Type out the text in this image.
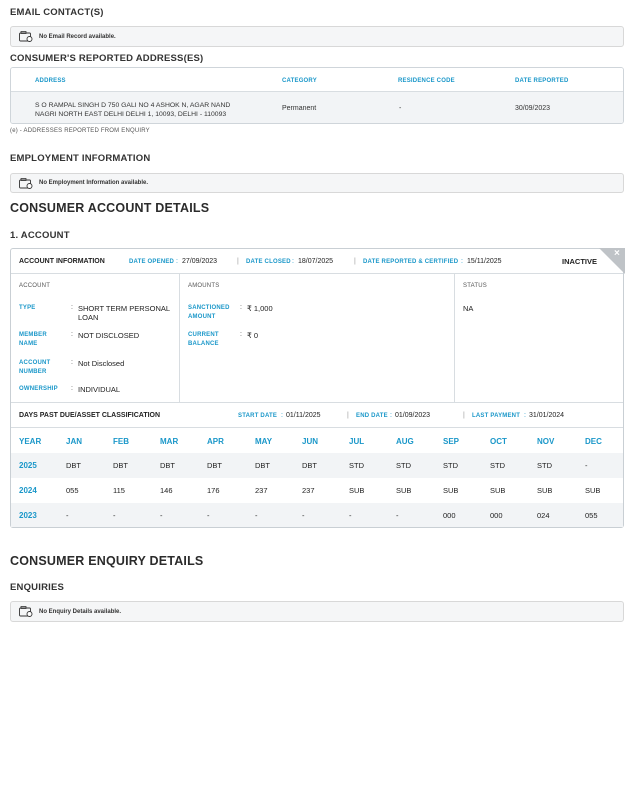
EMAIL CONTACT(S)
No Email Record available.
CONSUMER'S REPORTED ADDRESS(ES)
ADDRESS	CATEGORY	RESIDENCE CODE	DATE REPORTED
S O RAMPAL SINGH D 750 GALI NO 4 ASHOK N, AGAR NAND
NAGRI NORTH EAST DELHI DELHI 1, 10093, DELHI - 110093
Permanent	-	30/09/2023
(e) - ADDRESSES REPORTED FROM ENQUIRY
EMPLOYMENT INFORMATION
No Employment Information available.
CONSUMER ACCOUNT DETAILS
1. ACCOUNT
ACCOUNT INFORMATION	DATE OPENED : 27/09/2023	| DATE CLOSED : 18/07/2025	| DATE REPORTED & CERTIFIED : 15/11/2025	INACTIVE
×
ACCOUNT	AMOUNTS	STATUS
TYPE	: SHORT TERM PERSONAL
LOAN
MEMBER
NAME
: NOT DISCLOSED
ACCOUNT
NUMBER
: Not Disclosed
OWNERSHIP : INDIVIDUAL
SANCTIONED
AMOUNT
: ₹ 1,000
CURRENT
BALANCE
: ₹ 0
NA
DAYS PAST DUE/ASSET CLASSIFICATION	START DATE : 01/11/2025	| END DATE : 01/09/2023	| LAST PAYMENT : 31/01/2024
YEAR	JAN	FEB	MAR	APR	MAY	JUN	JUL	AUG	SEP	OCT	NOV	DEC
2025	DBT	DBT	DBT	DBT	DBT	DBT	STD	STD	STD	STD	STD	-
2024	055	115	146	176	237	237	SUB	SUB	SUB	SUB	SUB	SUB
2023	-	-	-	-	-	-	-	-	000	000	024	055
CONSUMER ENQUIRY DETAILS
ENQUIRIES
No Enquiry Details available.
